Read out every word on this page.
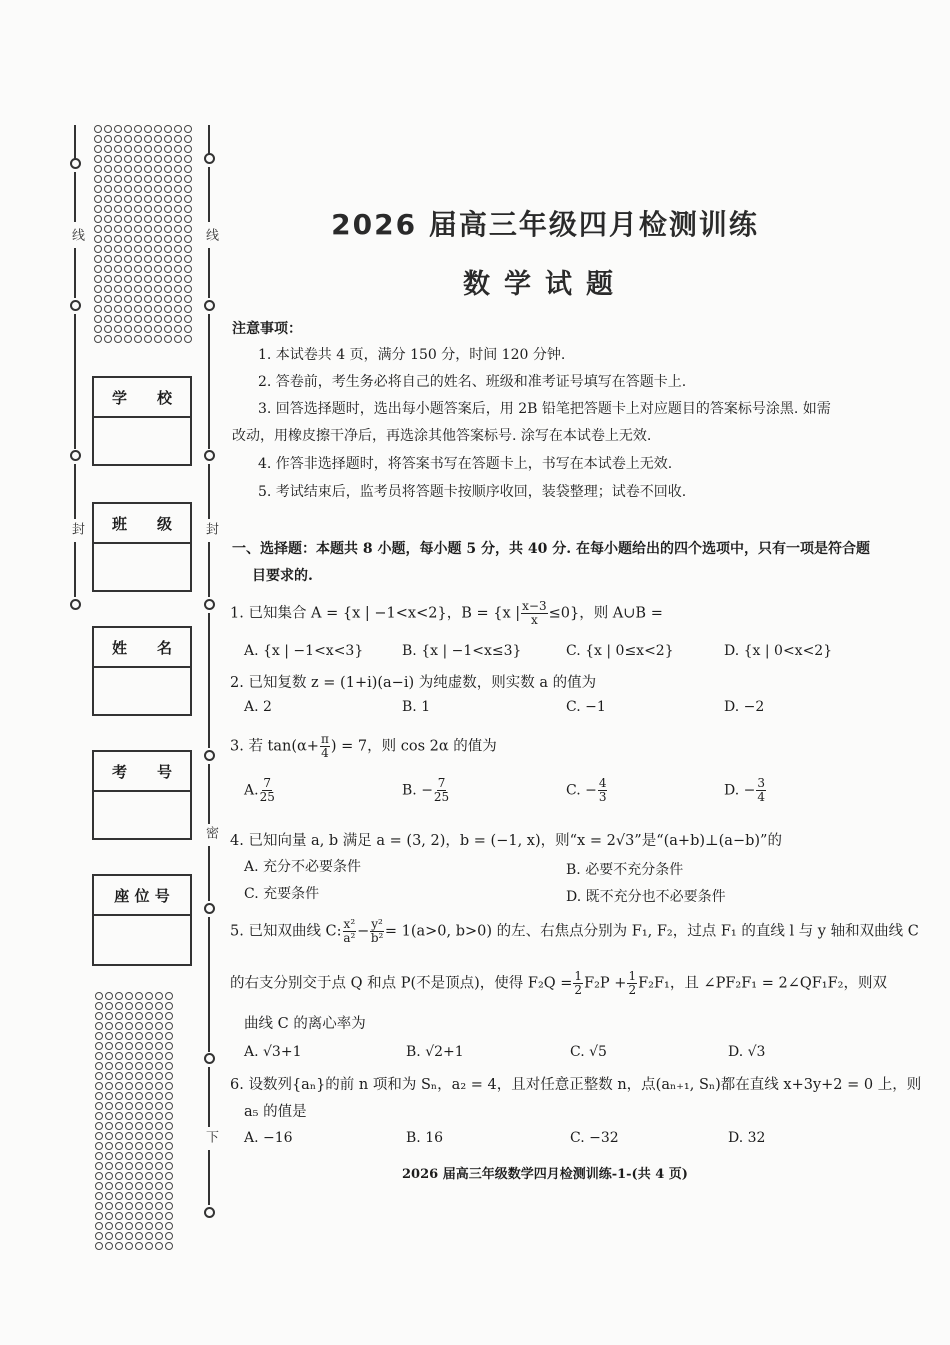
线
封
线
封
密
下
学　　校
班　　级
姓　　名
考　　号
座 位 号
2026 届高三年级四月检测训练
数学试题
注意事项：
1. 本试卷共 4 页，满分 150 分，时间 120 分钟.
2. 答卷前，考生务必将自己的姓名、班级和准考证号填写在答题卡上.
3. 回答选择题时，选出每小题答案后，用 2B 铅笔把答题卡上对应题目的答案标号涂黑. 如需
改动，用橡皮擦干净后，再选涂其他答案标号. 涂写在本试卷上无效.
4. 作答非选择题时，将答案书写在答题卡上，书写在本试卷上无效.
5. 考试结束后，监考员将答题卡按顺序收回，装袋整理；试卷不回收.
一、选择题：本题共 8 小题，每小题 5 分，共 40 分. 在每小题给出的四个选项中，只有一项是符合题
目要求的.
1. 已知集合 A = {x | −1<x<2}，B = {x | $\frac{x-3}{x} \le 0$}，则 A∪B =
A. {x | −1<x<3}	B. {x | −1<x≤3}	C. {x | 0≤x<2}	D. {x | 0<x<2}
2. 已知复数 z = (1+i)(a−i) 为纯虚数，则实数 a 的值为
A. 2	B. 1	C. −1	D. −2
3. 若 $\tan(\alpha+ \frac{\pi}{4}$ ) = 7，则 cos 2α 的值为
A. $\frac{7}{25}$	B. − $\frac{7}{25}$	C. − $\frac{4}{3}$	D. − $\frac{3}{4}$
4. 已知向量 a, b 满足 a = (3, 2)，b = (−1, x)，则“x = 2√3”是“(a+b)⊥(a−b)”的
A. 充分不必要条件	B. 必要不充分条件
C. 充要条件	D. 既不充分也不必要条件
5. 已知双曲线 C: $\frac{\text{x²}}{\text{a²}} - \frac{\text{y²}}{\text{b²}} = 1(a>0$, b>0) 的左、右焦点分别为 F₁, F₂，过点 F₁ 的直线 l 与 y 轴和双曲线 C
的右支分别交于点 Q 和点 P(不是顶点)，使得 $F_2Q = \frac{1}{2} F_2P + \frac{1}{2} F_2F_1$，且 ∠PF₂F₁ = 2∠QF₁F₂，则双
曲线 C 的离心率为
A. √3+1	B. √2+1	C. √5	D. √3
6. 设数列{aₙ}的前 n 项和为 Sₙ，a₂ = 4，且对任意正整数 n，点(aₙ₊₁, Sₙ)都在直线 x+3y+2 = 0 上，则
a₅ 的值是
A. −16	B. 16	C. −32	D. 32
2026 届高三年级数学四月检测训练-1-(共 4 页)
